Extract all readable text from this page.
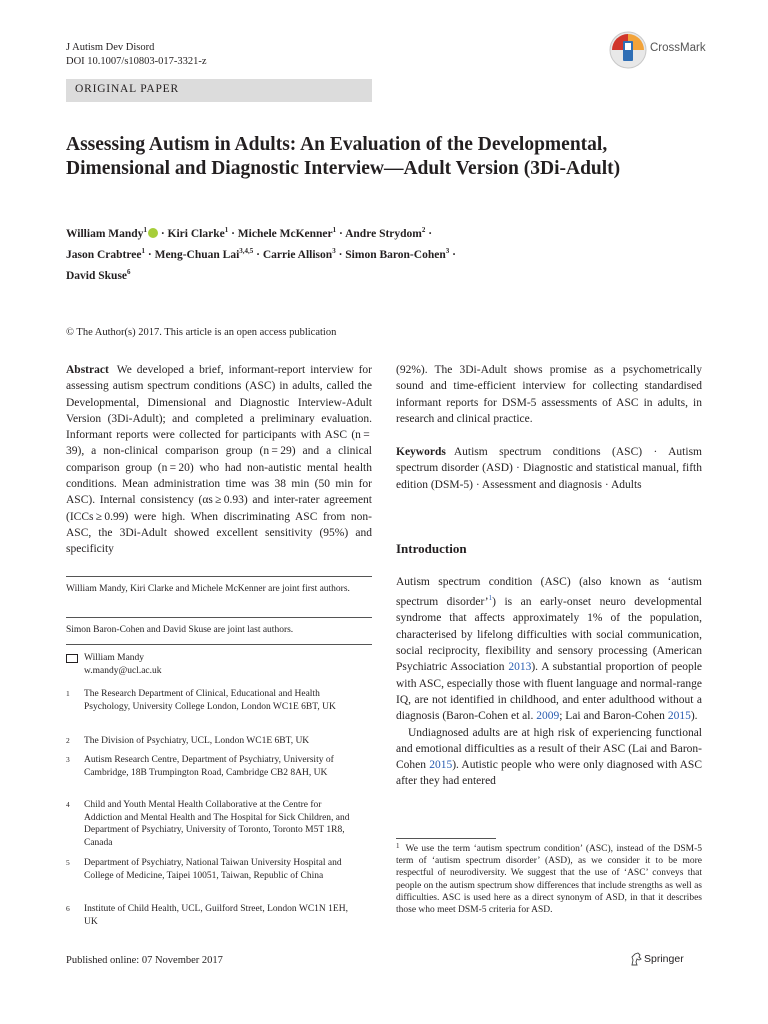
J Autism Dev Disord
DOI 10.1007/s10803-017-3321-z
CrossMark
ORIGINAL PAPER
Assessing Autism in Adults: An Evaluation of the Developmental, Dimensional and Diagnostic Interview—Adult Version (3Di-Adult)
William Mandy$^1$ · Kiri Clarke$^1$ · Michele McKenner$^1$ · Andre Strydom$^2$ ·
Jason Crabtree$^1$ · Meng-Chuan Lai$^{3,4,5}$ · Carrie Allison$^3$ · Simon Baron-Cohen$^3$ ·
David Skuse$^6$
© The Author(s) 2017. This article is an open access publication
Abstract We developed a brief, informant-report interview for assessing autism spectrum conditions (ASC) in adults, called the Developmental, Dimensional and Diagnostic Interview-Adult Version (3Di-Adult); and completed a preliminary evaluation. Informant reports were collected for participants with ASC (n = 39), a non-clinical comparison group (n = 29) and a clinical comparison group (n = 20) who had non-autistic mental health conditions. Mean administration time was 38 min (50 min for ASC). Internal consistency (αs ≥ 0.93) and inter-rater agreement (ICCs ≥ 0.99) were high. When discriminating ASC from non-ASC, the 3Di-Adult showed excellent sensitivity (95%) and specificity
(92%). The 3Di-Adult shows promise as a psychometrically sound and time-efficient interview for collecting standardised informant reports for DSM-5 assessments of ASC in adults, in research and clinical practice.
Keywords Autism spectrum conditions (ASC) · Autism spectrum disorder (ASD) · Diagnostic and statistical manual, fifth edition (DSM-5) · Assessment and diagnosis · Adults
Introduction
Autism spectrum condition (ASC) (also known as ‘autism spectrum disorder’$^1$) is an early-onset neuro developmental syndrome that affects approximately 1% of the population, characterised by lifelong difficulties with social communication, social reciprocity, flexibility and sensory processing (American Psychiatric Association 2013). A substantial proportion of people with ASC, especially those with fluent language and normal-range IQ, are not identified in childhood, and enter adulthood without a diagnosis (Baron-Cohen et al. 2009; Lai and Baron-Cohen 2015).
Undiagnosed adults are at high risk of experiencing functional and emotional difficulties as a result of their ASC (Lai and Baron-Cohen 2015). Autistic people who were only diagnosed with ASC after they had entered
William Mandy, Kiri Clarke and Michele McKenner are joint first authors.
Simon Baron-Cohen and David Skuse are joint last authors.
William Mandy
w.mandy@ucl.ac.uk
1 The Research Department of Clinical, Educational and Health Psychology, University College London, London WC1E 6BT, UK
2 The Division of Psychiatry, UCL, London WC1E 6BT, UK
3 Autism Research Centre, Department of Psychiatry, University of Cambridge, 18B Trumpington Road, Cambridge CB2 8AH, UK
4 Child and Youth Mental Health Collaborative at the Centre for Addiction and Mental Health and The Hospital for Sick Children, and Department of Psychiatry, University of Toronto, Toronto M5T 1R8, Canada
5 Department of Psychiatry, National Taiwan University Hospital and College of Medicine, Taipei 10051, Taiwan, Republic of China
6 Institute of Child Health, UCL, Guilford Street, London WC1N 1EH, UK
$^1$ We use the term ‘autism spectrum condition’ (ASC), instead of the DSM-5 term of ‘autism spectrum disorder’ (ASD), as we consider it to be more respectful of neurodiversity. We suggest that the use of ‘ASC’ conveys that people on the autism spectrum show differences that include strengths as well as difficulties. ASC is used here as a direct synonym of ASD, in that it describes those who meet DSM-5 criteria for ASD.
Published online: 07 November 2017	Springer
